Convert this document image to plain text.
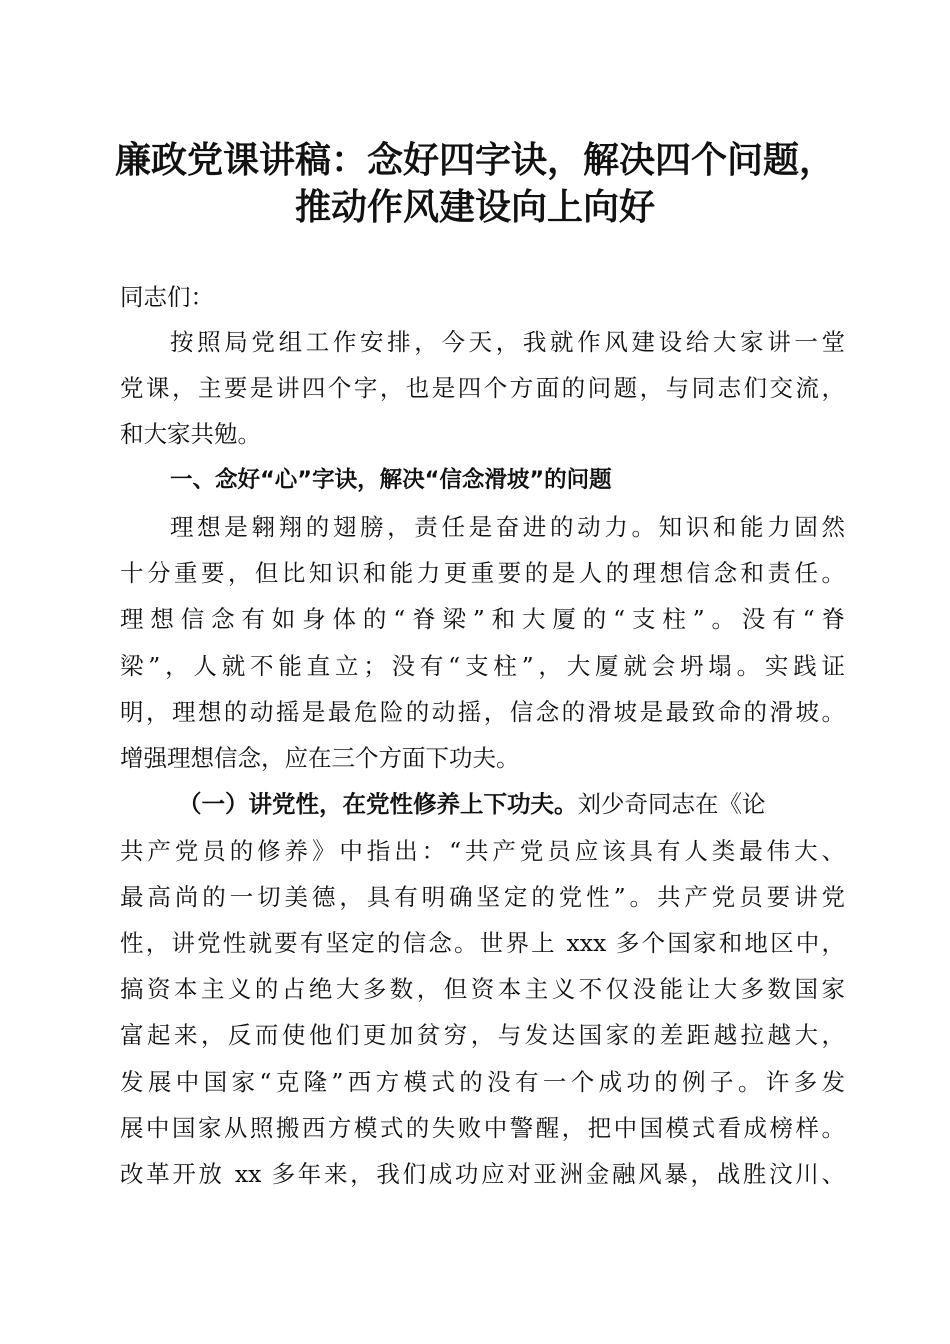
廉政党课讲稿：念好四字诀，解决四个问题，
推动作风建设向上向好
同志们：
按照局党组工作安排，今天，我就作风建设给大家讲一堂
党课，主要是讲四个字，也是四个方面的问题，与同志们交流，
和大家共勉。
一、念好“心”字诀，解决“信念滑坡”的问题
理想是翱翔的翅膀，责任是奋进的动力。知识和能力固然
十分重要，但比知识和能力更重要的是人的理想信念和责任。
理想信念有如身体的“脊梁”和大厦的“支柱”。没有“脊
梁”，人就不能直立；没有“支柱”，大厦就会坍塌。实践证
明，理想的动摇是最危险的动摇，信念的滑坡是最致命的滑坡。
增强理想信念，应在三个方面下功夫。
（一）讲党性，在党性修养上下功夫。刘少奇同志在《论
共产党员的修养》中指出：“共产党员应该具有人类最伟大、
最高尚的一切美德，具有明确坚定的党性”。共产党员要讲党
性，讲党性就要有坚定的信念。世界上 xxx 多个国家和地区中，
搞资本主义的占绝大多数，但资本主义不仅没能让大多数国家
富起来，反而使他们更加贫穷，与发达国家的差距越拉越大，
发展中国家“克隆”西方模式的没有一个成功的例子。许多发
展中国家从照搬西方模式的失败中警醒，把中国模式看成榜样。
改革开放 xx 多年来，我们成功应对亚洲金融风暴，战胜汶川、
